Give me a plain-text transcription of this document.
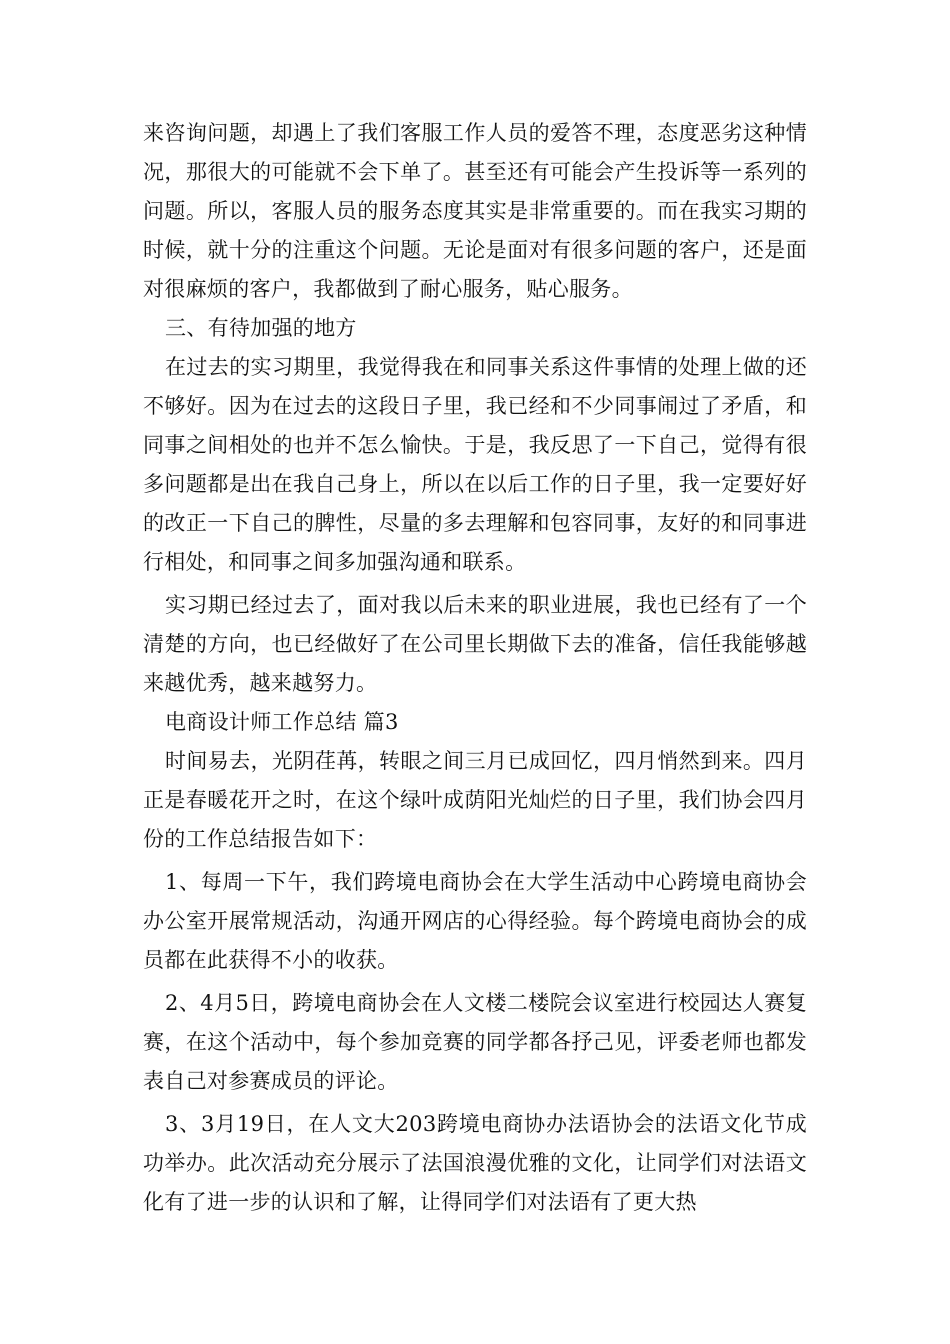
来咨询问题，却遇上了我们客服工作人员的爱答不理，态度恶劣这种情况，那很大的可能就不会下单了。甚至还有可能会产生投诉等一系列的问题。所以，客服人员的服务态度其实是非常重要的。而在我实习期的时候，就十分的注重这个问题。无论是面对有很多问题的客户，还是面对很麻烦的客户，我都做到了耐心服务，贴心服务。

三、有待加强的地方

在过去的实习期里，我觉得我在和同事关系这件事情的处理上做的还不够好。因为在过去的这段日子里，我已经和不少同事闹过了矛盾，和同事之间相处的也并不怎么愉快。于是，我反思了一下自己，觉得有很多问题都是出在我自己身上，所以在以后工作的日子里，我一定要好好的改正一下自己的脾性，尽量的多去理解和包容同事，友好的和同事进行相处，和同事之间多加强沟通和联系。

实习期已经过去了，面对我以后未来的职业进展，我也已经有了一个清楚的方向，也已经做好了在公司里长期做下去的准备，信任我能够越来越优秀，越来越努力。

电商设计师工作总结 篇3

时间易去，光阴荏苒，转眼之间三月已成回忆，四月悄然到来。四月正是春暖花开之时，在这个绿叶成荫阳光灿烂的日子里，我们协会四月份的工作总结报告如下：

1、每周一下午，我们跨境电商协会在大学生活动中心跨境电商协会办公室开展常规活动，沟通开网店的心得经验。每个跨境电商协会的成员都在此获得不小的收获。

2、4月5日，跨境电商协会在人文楼二楼院会议室进行校园达人赛复赛，在这个活动中，每个参加竞赛的同学都各抒己见，评委老师也都发表自己对参赛成员的评论。

3、3月19日，在人文大203跨境电商协办法语协会的法语文化节成功举办。此次活动充分展示了法国浪漫优雅的文化，让同学们对法语文化有了进一步的认识和了解，让得同学们对法语有了更大热
